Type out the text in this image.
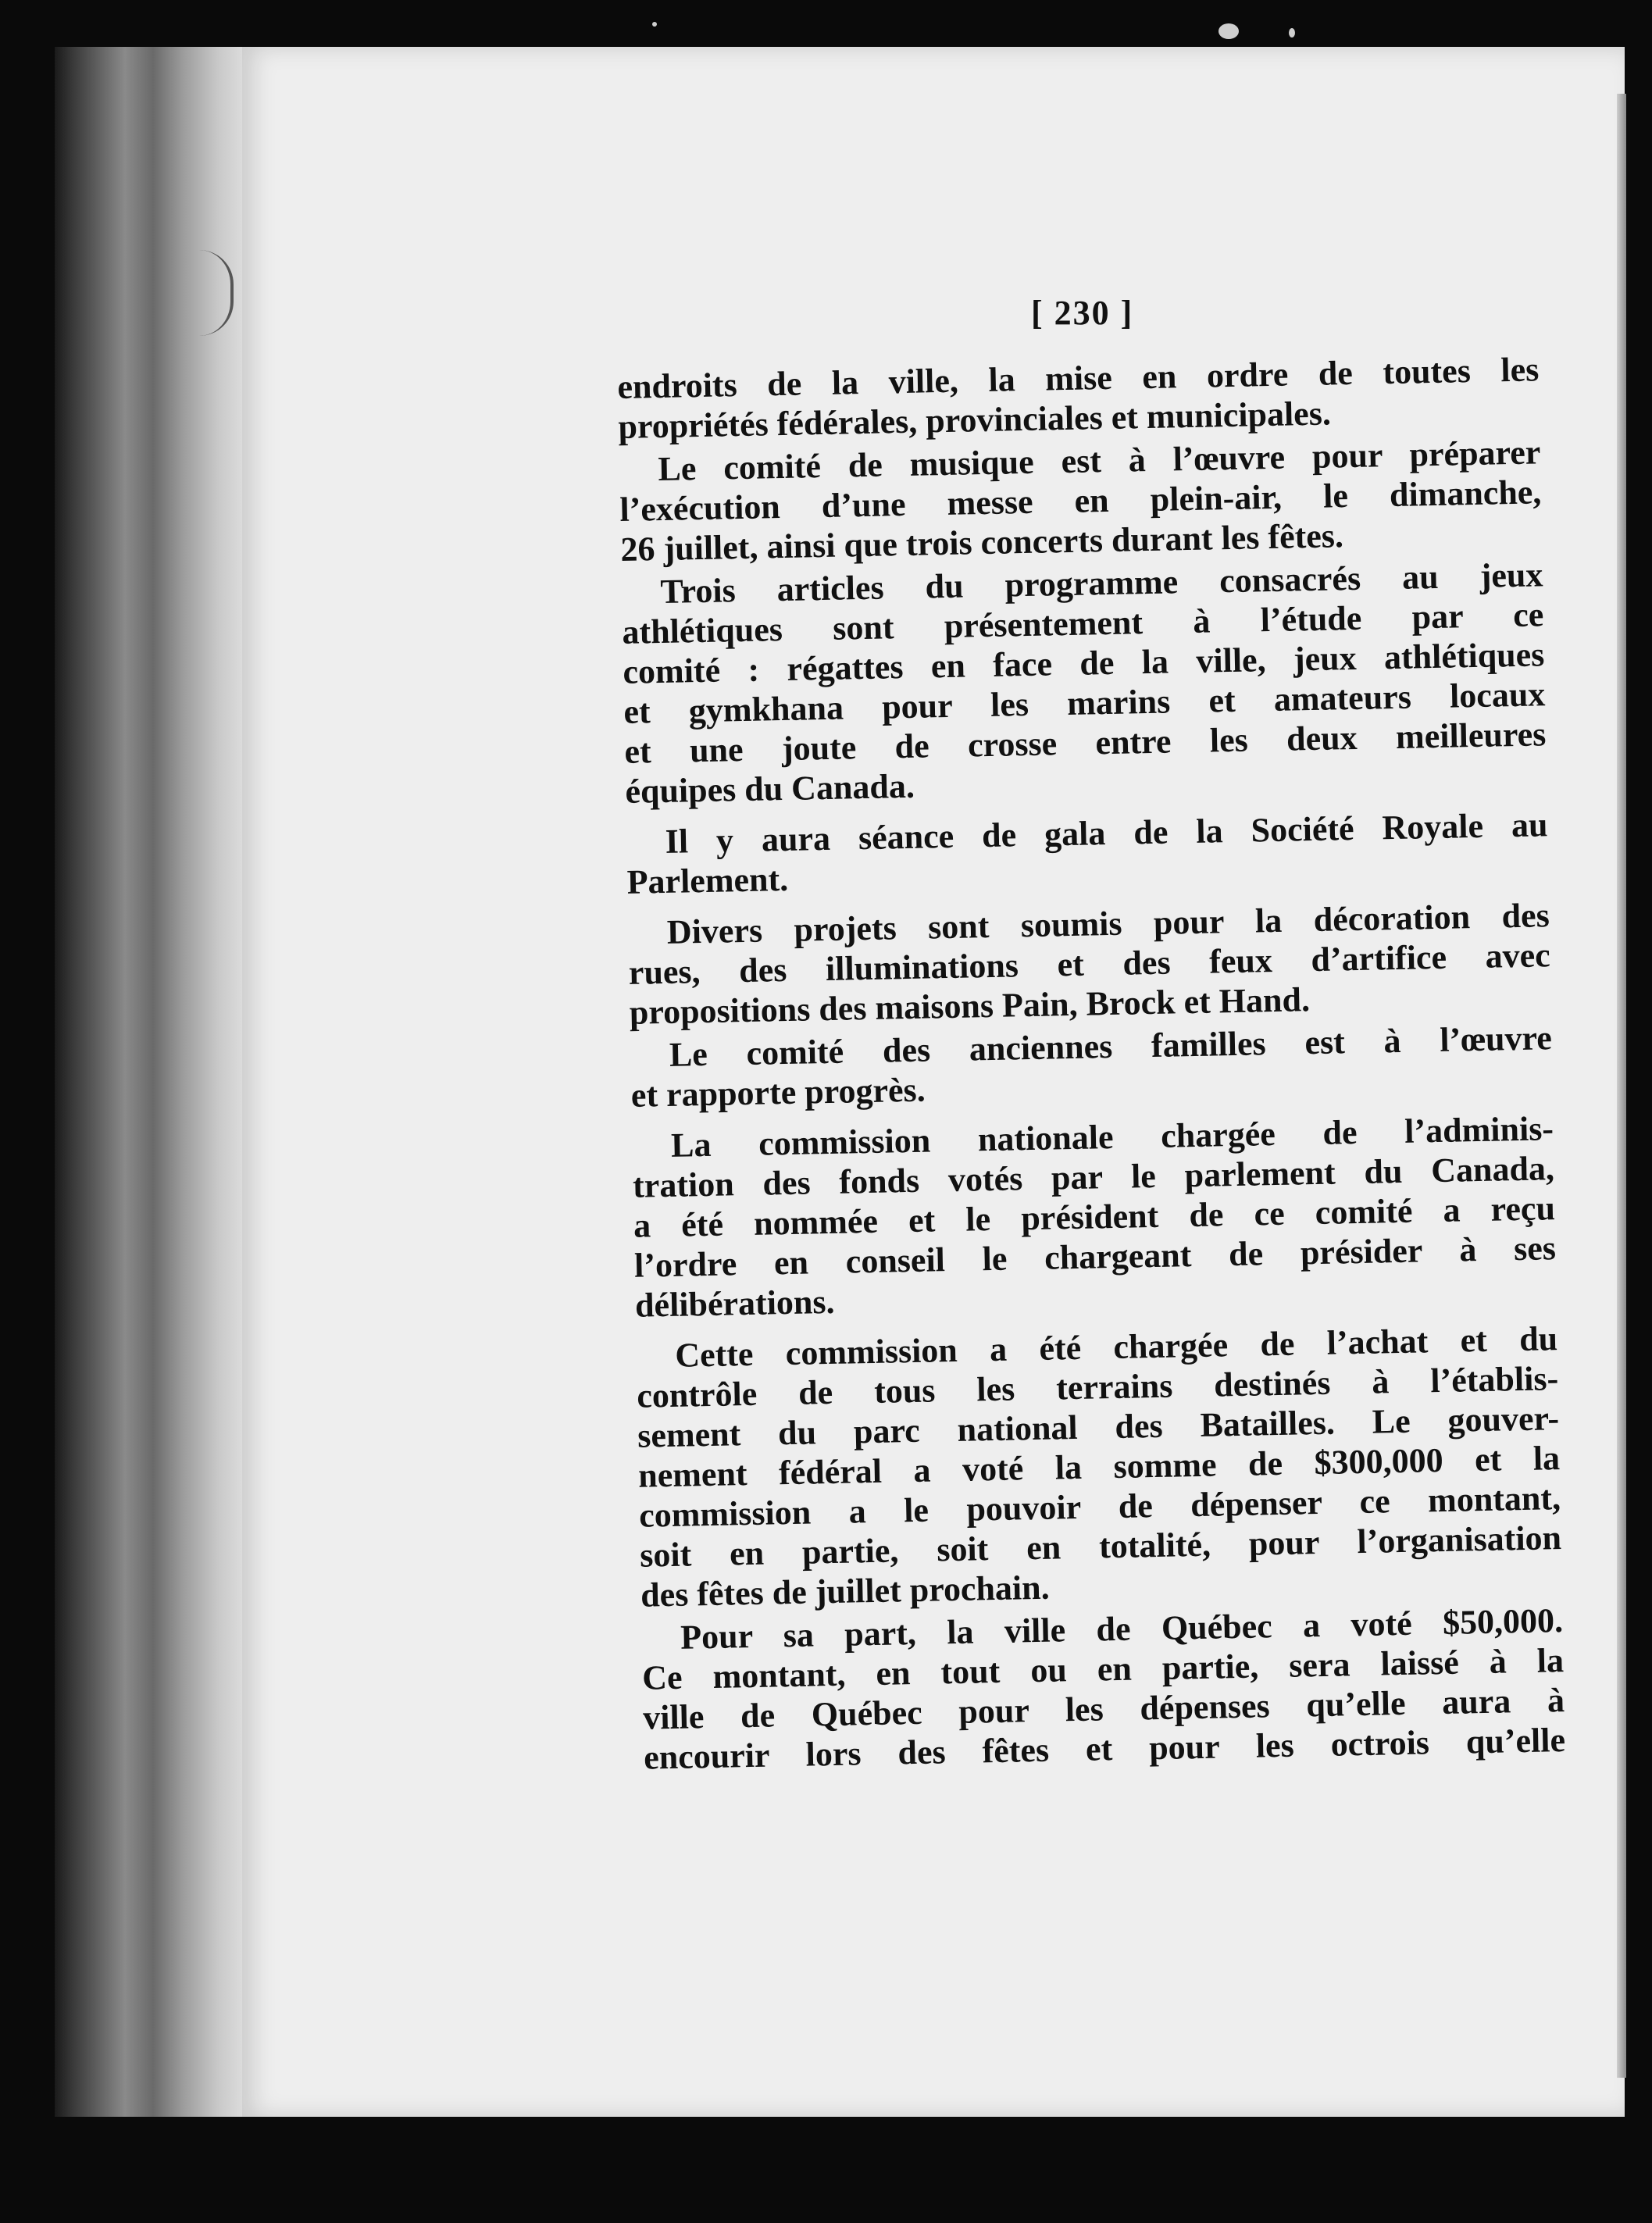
[ 230 ]
endroits de la ville, la mise en ordre de toutes les
propriétés fédérales, provinciales et municipales.
Le comité de musique est à l’œuvre pour préparer
l’exécution d’une messe en plein-air, le dimanche,
26 juillet, ainsi que trois concerts durant les fêtes.
Trois articles du programme consacrés au jeux
athlétiques sont présentement à l’étude par ce
comité : régattes en face de la ville, jeux athlétiques
et gymkhana pour les marins et amateurs locaux
et une joute de crosse entre les deux meilleures
équipes du Canada.
Il y aura séance de gala de la Société Royale au
Parlement.
Divers projets sont soumis pour la décoration des
rues, des illuminations et des feux d’artifice avec
propositions des maisons Pain, Brock et Hand.
Le comité des anciennes familles est à l’œuvre
et rapporte progrès.
La commission nationale chargée de l’adminis-
tration des fonds votés par le parlement du Canada,
a été nommée et le président de ce comité a reçu
l’ordre en conseil le chargeant de présider à ses
délibérations.
Cette commission a été chargée de l’achat et du
contrôle de tous les terrains destinés à l’établis-
sement du parc national des Batailles. Le gouver-
nement fédéral a voté la somme de $300,000 et la
commission a le pouvoir de dépenser ce montant,
soit en partie, soit en totalité, pour l’organisation
des fêtes de juillet prochain.
Pour sa part, la ville de Québec a voté $50,000.
Ce montant, en tout ou en partie, sera laissé à la
ville de Québec pour les dépenses qu’elle aura à
encourir lors des fêtes et pour les octrois qu’elle
